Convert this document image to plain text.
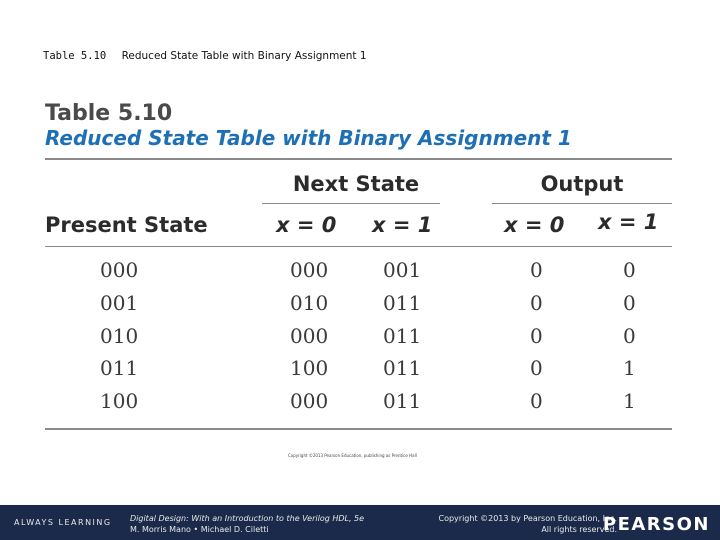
Table 5.10 Reduced State Table with Binary Assignment 1
Table 5.10
Reduced State Table with Binary Assignment 1
Next State	Output
Present State	x = 0 x = 1	x = 0 x = 1
000	000	001	0	0
001	010	011	0	0
010	000	011	0	0
011	100	011	0	1
100	000	011	0	1
Copyright ©2013 Pearson Education, publishing as Prentice Hall
ALWAYS LEARNING Digital Design: With an Introduction to the Verilog HDL, 5e
M. Morris Mano • Michael D. Ciletti
Copyright ©2013 by Pearson Education, Inc.
All rights reserved.
PEARSON
